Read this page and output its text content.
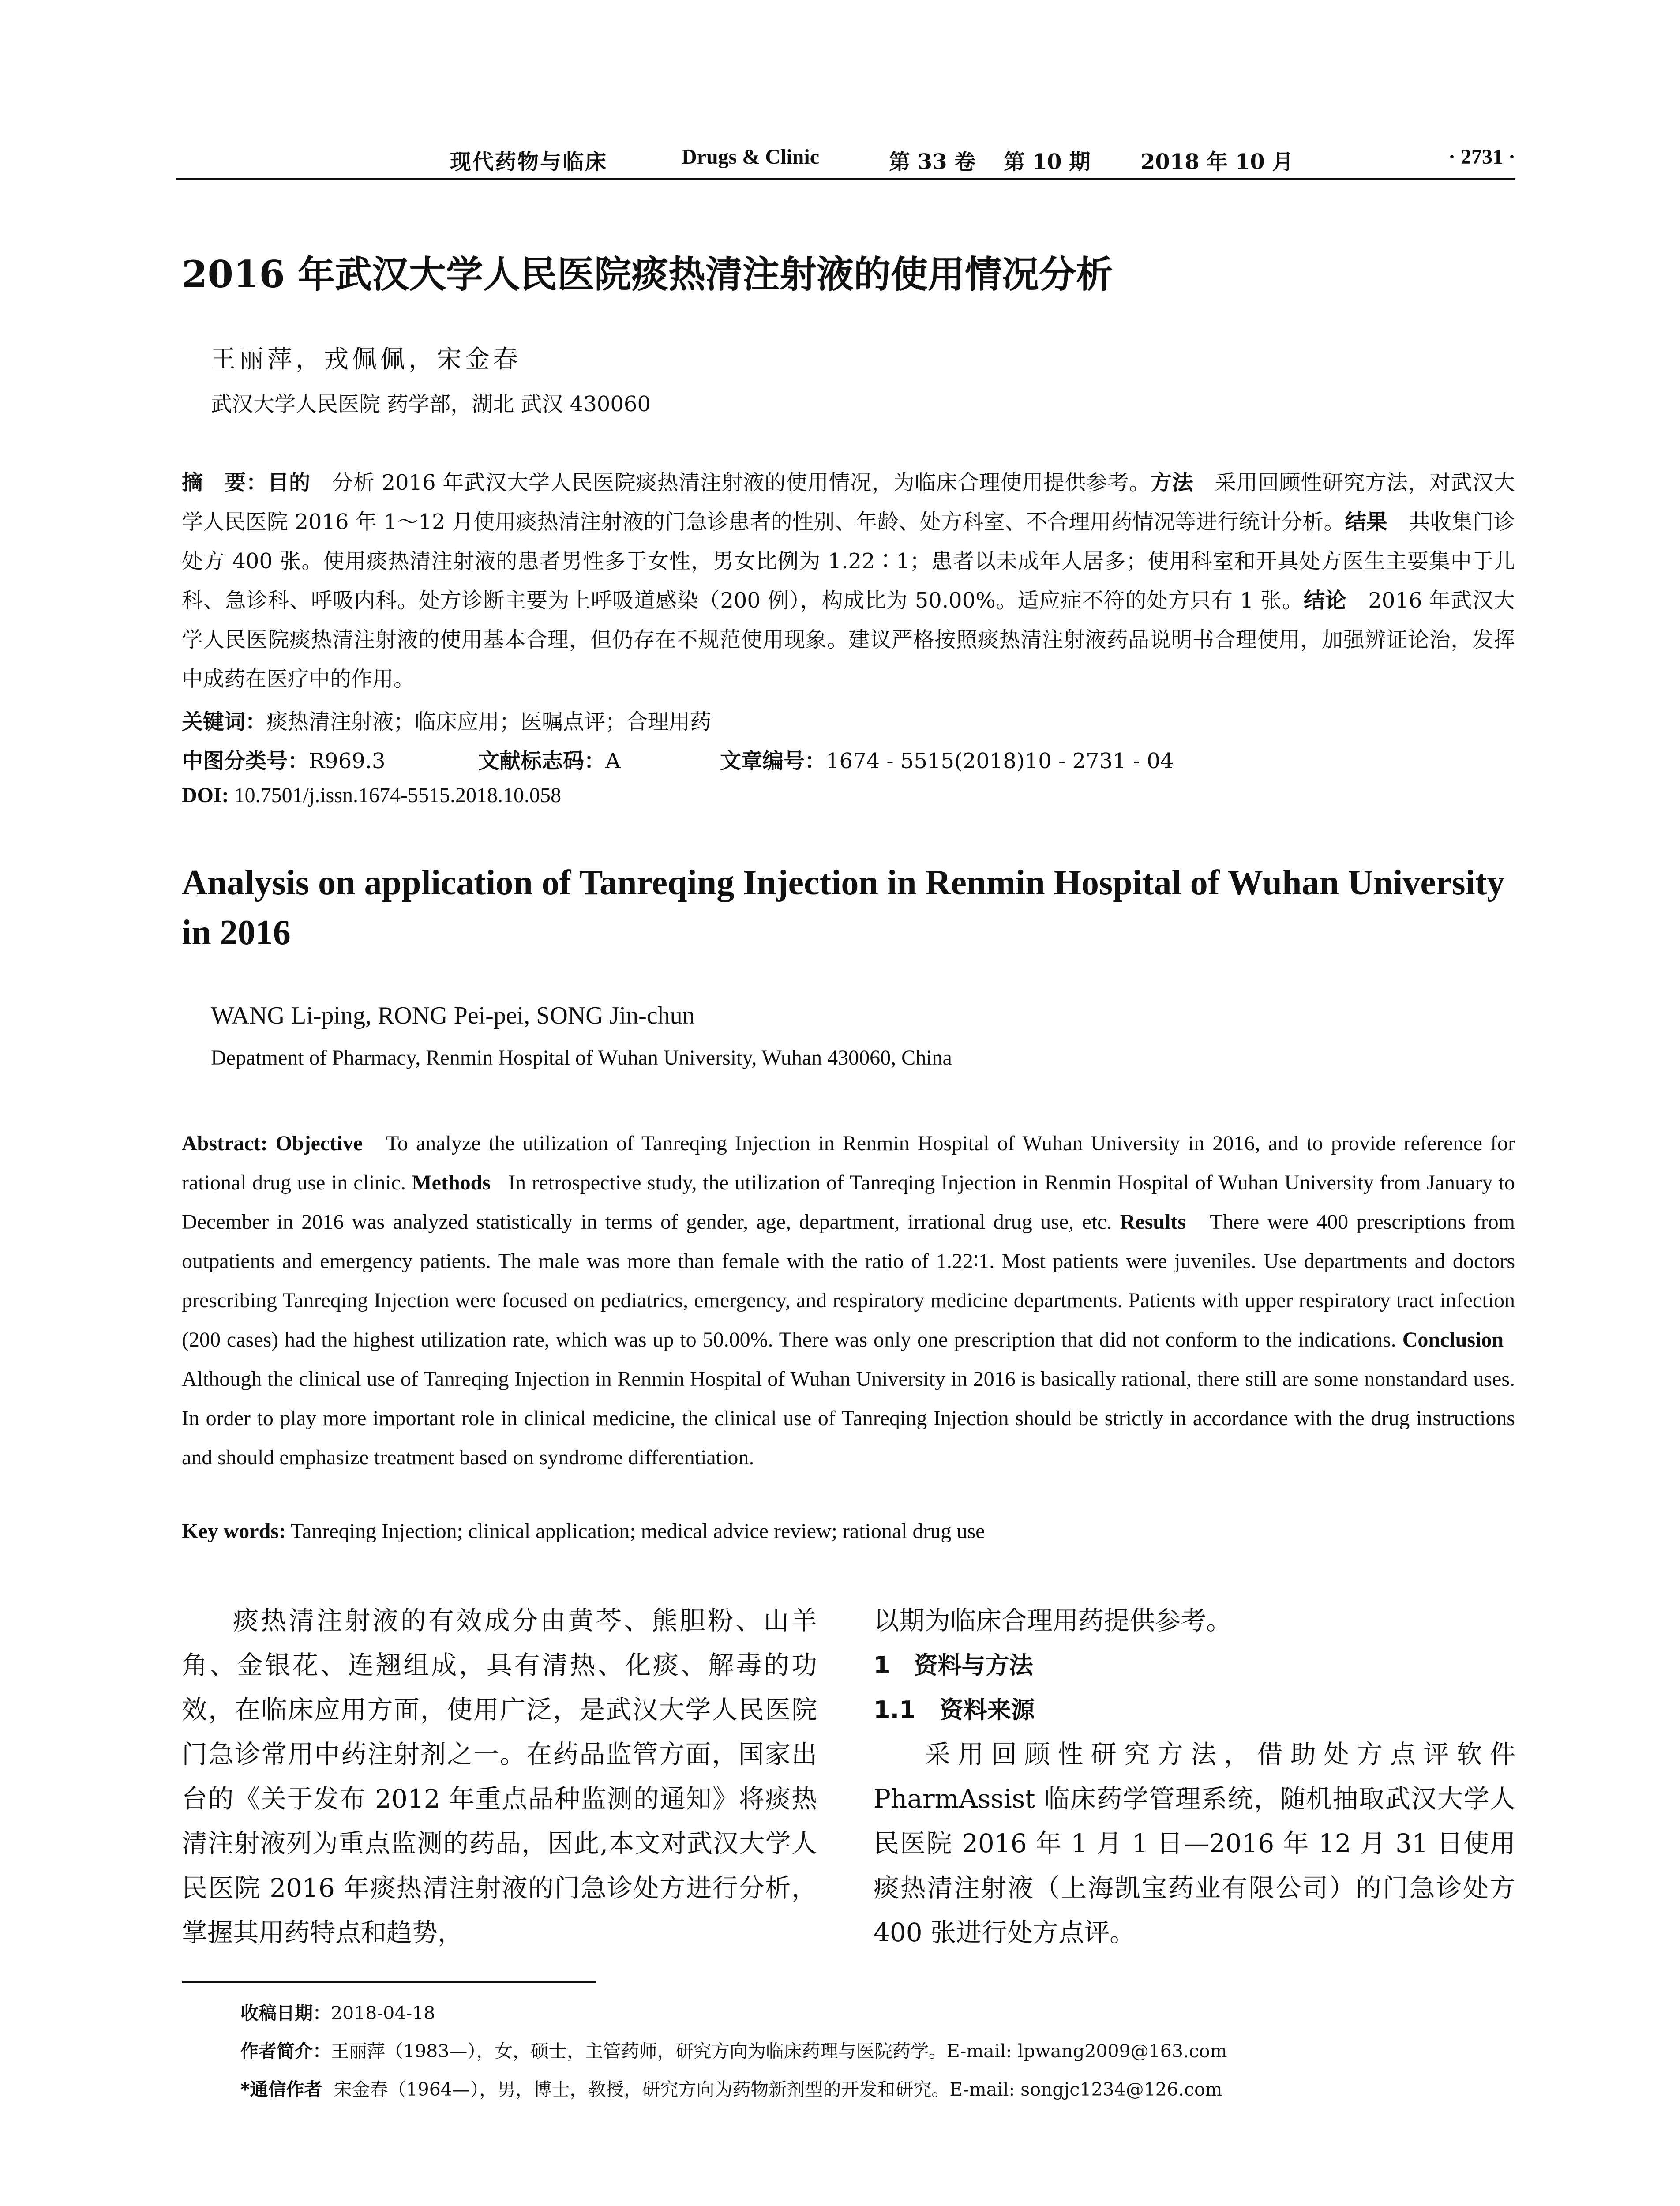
现代药物与临床	Drugs & Clinic	第 33 卷 第 10 期 2018 年 10 月	· 2731 ·
2016 年武汉大学人民医院痰热清注射液的使用情况分析
王丽萍，戎佩佩，宋金春
武汉大学人民医院 药学部，湖北 武汉 430060
摘　要：目的　 分析 2016 年武汉大学人民医院痰热清注射液的使用情况，为临床合理使用提供参考。方法　 采用回顾性研究方法，对武汉大学人民医院 2016 年 1～12 月使用痰热清注射液的门急诊患者的性别、年龄、处方科室、不合理用药情况等进行统计分析。结果　 共收集门诊处方 400 张。使用痰热清注射液的患者男性多于女性，男女比例为 1.22∶1；患者以未成年人居多；使用科室和开具处方医生主要集中于儿科、急诊科、呼吸内科。处方诊断主要为上呼吸道感染（200 例），构成比为 50.00%。适应症不符的处方只有 1 张。结论　 2016 年武汉大学人民医院痰热清注射液的使用基本合理，但仍存在不规范使用现象。建议严格按照痰热清注射液药品说明书合理使用，加强辨证论治，发挥中成药在医疗中的作用。
关键词：痰热清注射液；临床应用；医嘱点评；合理用药
中图分类号：R969.3	文献标志码：A	文章编号：1674 - 5515(2018)10 - 2731 - 04
DOI: 10.7501/j.issn.1674-5515.2018.10.058
Analysis on application of Tanreqing Injection in Renmin Hospital of Wuhan University in 2016
WANG Li-ping, RONG Pei-pei, SONG Jin-chun
Depatment of Pharmacy, Renmin Hospital of Wuhan University, Wuhan 430060, China
Abstract: Objective To analyze the utilization of Tanreqing Injection in Renmin Hospital of Wuhan University in 2016, and to provide reference for rational drug use in clinic. Methods In retrospective study, the utilization of Tanreqing Injection in Renmin Hospital of Wuhan University from January to December in 2016 was analyzed statistically in terms of gender, age, department, irrational drug use, etc. Results There were 400 prescriptions from outpatients and emergency patients. The male was more than female with the ratio of 1.22∶1. Most patients were juveniles. Use departments and doctors prescribing Tanreqing Injection were focused on pediatrics, emergency, and respiratory medicine departments. Patients with upper respiratory tract infection (200 cases) had the highest utilization rate, which was up to 50.00%. There was only one prescription that did not conform to the indications. Conclusion   Although the clinical use of Tanreqing Injection in Renmin Hospital of Wuhan University in 2016 is basically rational, there still are some nonstandard uses. In order to play more important role in clinical medicine, the clinical use of Tanreqing Injection should be strictly in accordance with the drug instructions and should emphasize treatment based on syndrome differentiation.
Key words: Tanreqing Injection; clinical application; medical advice review; rational drug use
痰热清注射液的有效成分由黄芩、熊胆粉、山羊角、金银花、连翘组成，具有清热、化痰、解毒的功效，在临床应用方面，使用广泛，是武汉大学人民医院门急诊常用中药注射剂之一。在药品监管方面，国家出台的《关于发布 2012 年重点品种监测的通知》将痰热清注射液列为重点监测的药品，因此,本文对武汉大学人民医院 2016 年痰热清注射液的门急诊处方进行分析，掌握其用药特点和趋势，
以期为临床合理用药提供参考。
1　资料与方法
1.1　资料来源
采用回顾性研究方法，借助处方点评软件 PharmAssist 临床药学管理系统，随机抽取武汉大学人民医院 2016 年 1 月 1 日—2016 年 12 月 31 日使用痰热清注射液（上海凯宝药业有限公司）的门急诊处方 400 张进行处方点评。
收稿日期：2018-04-18
作者简介：王丽萍（1983—），女，硕士，主管药师，研究方向为临床药理与医院药学。E-mail: lpwang2009@163.com
*通信作者 宋金春（1964—），男，博士，教授，研究方向为药物新剂型的开发和研究。E-mail: songjc1234@126.com
